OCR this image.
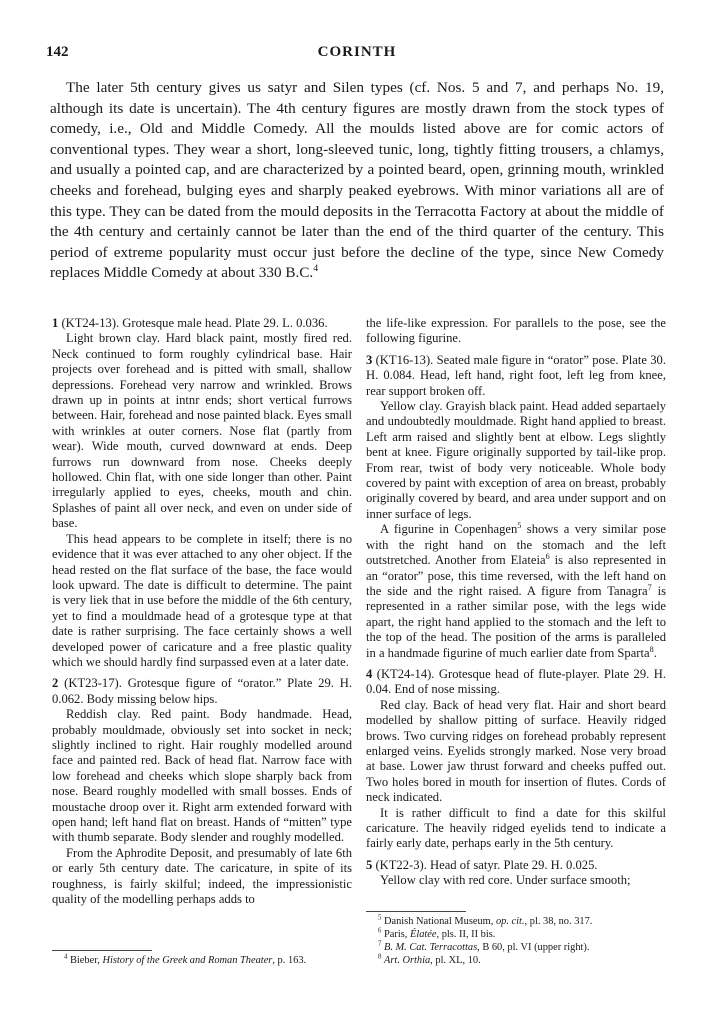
142	CORINTH

The later 5th century gives us satyr and Silen types (cf. Nos. 5 and 7, and perhaps No. 19, although its date is uncertain). The 4th century figures are mostly drawn from the stock types of comedy, i.e., Old and Middle Comedy. All the moulds listed above are for comic actors of conventional types. They wear a short, long-sleeved tunic, long, tightly fitting trousers, a chlamys, and usually a pointed cap, and are characterized by a pointed beard, open, grinning mouth, wrinkled cheeks and forehead, bulging eyes and sharply peaked eyebrows. With minor variations all are of this type. They can be dated from the mould deposits in the Terracotta Factory at about the middle of the 4th century and certainly cannot be later than the end of the third quarter of the century. This period of extreme popularity must occur just before the decline of the type, since New Comedy replaces Middle Comedy at about 330 B.C.$^4$

1 (KT24-13). Grotesque male head. Plate 29. L. 0.036.

Light brown clay. Hard black paint, mostly fired red. Neck continued to form roughly cylindrical base. Hair projects over forehead and is pitted with small, shallow depressions. Forehead very narrow and wrinkled. Brows drawn up in points at intnr ends; short vertical furrows between. Hair, forehead and nose painted black. Eyes small with wrinkles at outer corners. Nose flat (partly from wear). Wide mouth, curved downward at ends. Deep furrows run downward from nose. Cheeks deeply hollowed. Chin flat, with one side longer than other. Paint irregularly applied to eyes, cheeks, mouth and chin. Splashes of paint all over neck, and even on under side of base.

This head appears to be complete in itself; there is no evidence that it was ever attached to any oher object. If the head rested on the flat surface of the base, the face would look upward. The date is difficult to determine. The paint is very liek that in use before the middle of the 6th century, yet to find a mouldmade head of a grotesque type at that date is rather surprising. The face certainly shows a well developed power of caricature and a free plastic quality which we should hardly find surpassed even at a later date.

2 (KT23-17). Grotesque figure of “orator.” Plate 29. H. 0.062. Body missing below hips.

Reddish clay. Red paint. Body handmade. Head, probably mouldmade, obviously set into socket in neck; slightly inclined to right. Hair roughly modelled around face and painted red. Back of head flat. Narrow face with low forehead and cheeks which slope sharply back from nose. Beard roughly modelled with small bosses. Ends of moustache droop over it. Right arm extended forward with open hand; left hand flat on breast. Hands of “mitten” type with thumb separate. Body slender and roughly modelled.

From the Aphrodite Deposit, and presumably of late 6th or early 5th century date. The caricature, in spite of its roughness, is fairly skilful; indeed, the impressionistic quality of the modelling perhaps adds to

$^4$ Bieber, History of the Greek and Roman Theater, p. 163.

the life-like expression. For parallels to the pose, see the following figurine.

3 (KT16-13). Seated male figure in “orator” pose. Plate 30. H. 0.084. Head, left hand, right foot, left leg from knee, rear support broken off.

Yellow clay. Grayish black paint. Head added separtaely and undoubtedly mouldmade. Right hand applied to breast. Left arm raised and slightly bent at elbow. Legs slightly bent at knee. Figure originally supported by tail-like prop. From rear, twist of body very noticeable. Whole body covered by paint with exception of area on breast, probably originally covered by beard, and area under support and on inner surface of legs.

A figurine in Copenhagen$^5$ shows a very similar pose with the right hand on the stomach and the left outstretched. Another from Elateia$^6$ is also represented in an “orator” pose, this time reversed, with the left hand on the side and the right raised. A figure from Tanagra$^7$ is represented in a rather similar pose, with the legs wide apart, the right hand applied to the stomach and the left to the top of the head. The position of the arms is paralleled in a handmade figurine of much earlier date from Sparta$^8$.

4 (KT24-14). Grotesque head of flute-player. Plate 29. H. 0.04. End of nose missing.

Red clay. Back of head very flat. Hair and short beard modelled by shallow pitting of surface. Heavily ridged brows. Two curving ridges on forehead probably represent enlarged veins. Eyelids strongly marked. Nose very broad at base. Lower jaw thrust forward and cheeks puffed out. Two holes bored in mouth for insertion of flutes. Cords of neck indicated.

It is rather difficult to find a date for this skilful caricature. The heavily ridged eyelids tend to indicate a fairly early date, perhaps early in the 5th century.

5 (KT22-3). Head of satyr. Plate 29. H. 0.025.

Yellow clay with red core. Under surface smooth;

$^5$ Danish National Museum, op. cit., pl. 38, no. 317.

$^6$ Paris, Élatée, pls. II, II bis.

$^7$ B. M. Cat. Terracottas, B 60, pl. VI (upper right).

$^8$ Art. Orthia, pl. XL, 10.
